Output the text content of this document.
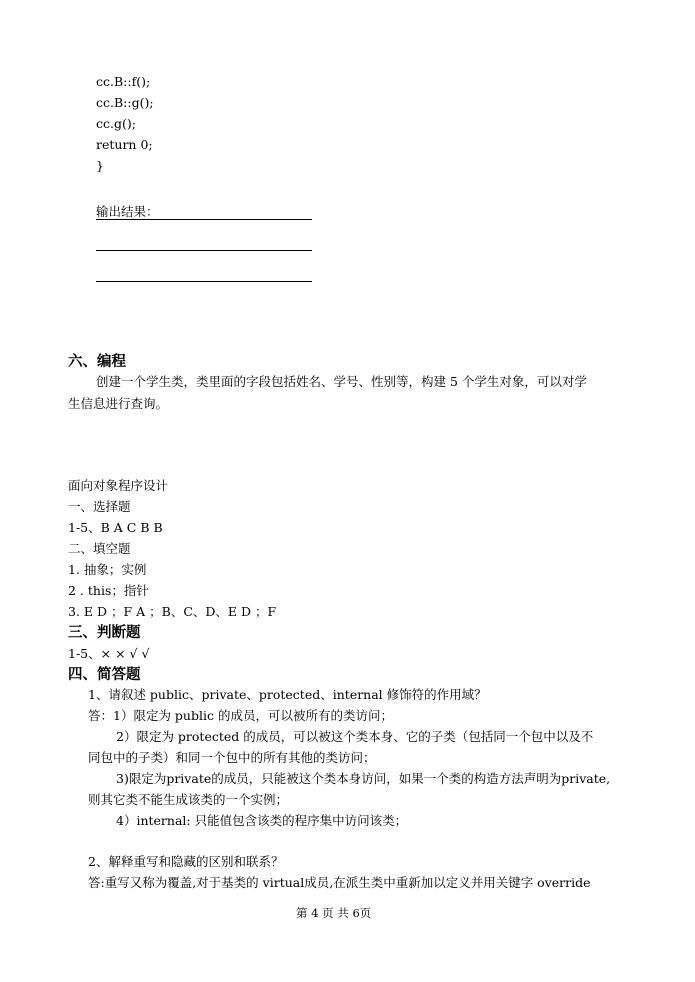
cc.B::f();
cc.B::g();
cc.g();
return 0;
}
输出结果：
六、编程
创建一个学生类，类里面的字段包括姓名、学号、性别等，构建 5 个学生对象，可以对学
生信息进行查询。
面向对象程序设计
一、选择题
1-5、B A C B B
二、填空题
1. 抽象；实例
2 . this；指针
3. E D ；F A ；B、C、D、E D ；F
三、判断题
1-5、× × √ √
四、简答题
1、请叙述 public、private、protected、internal 修饰符的作用域？
答：1）限定为 public 的成员，可以被所有的类访问；
2）限定为 protected 的成员，可以被这个类本身、它的子类（包括同一个包中以及不
同包中的子类）和同一个包中的所有其他的类访问；
3)限定为private的成员，只能被这个类本身访问，如果一个类的构造方法声明为private,
则其它类不能生成该类的一个实例；
4）internal: 只能值包含该类的程序集中访问该类；
2、解释重写和隐藏的区别和联系？
答:重写又称为覆盖,对于基类的 virtual成员,在派生类中重新加以定义并用关键字 override
第 4 页 共 6页
